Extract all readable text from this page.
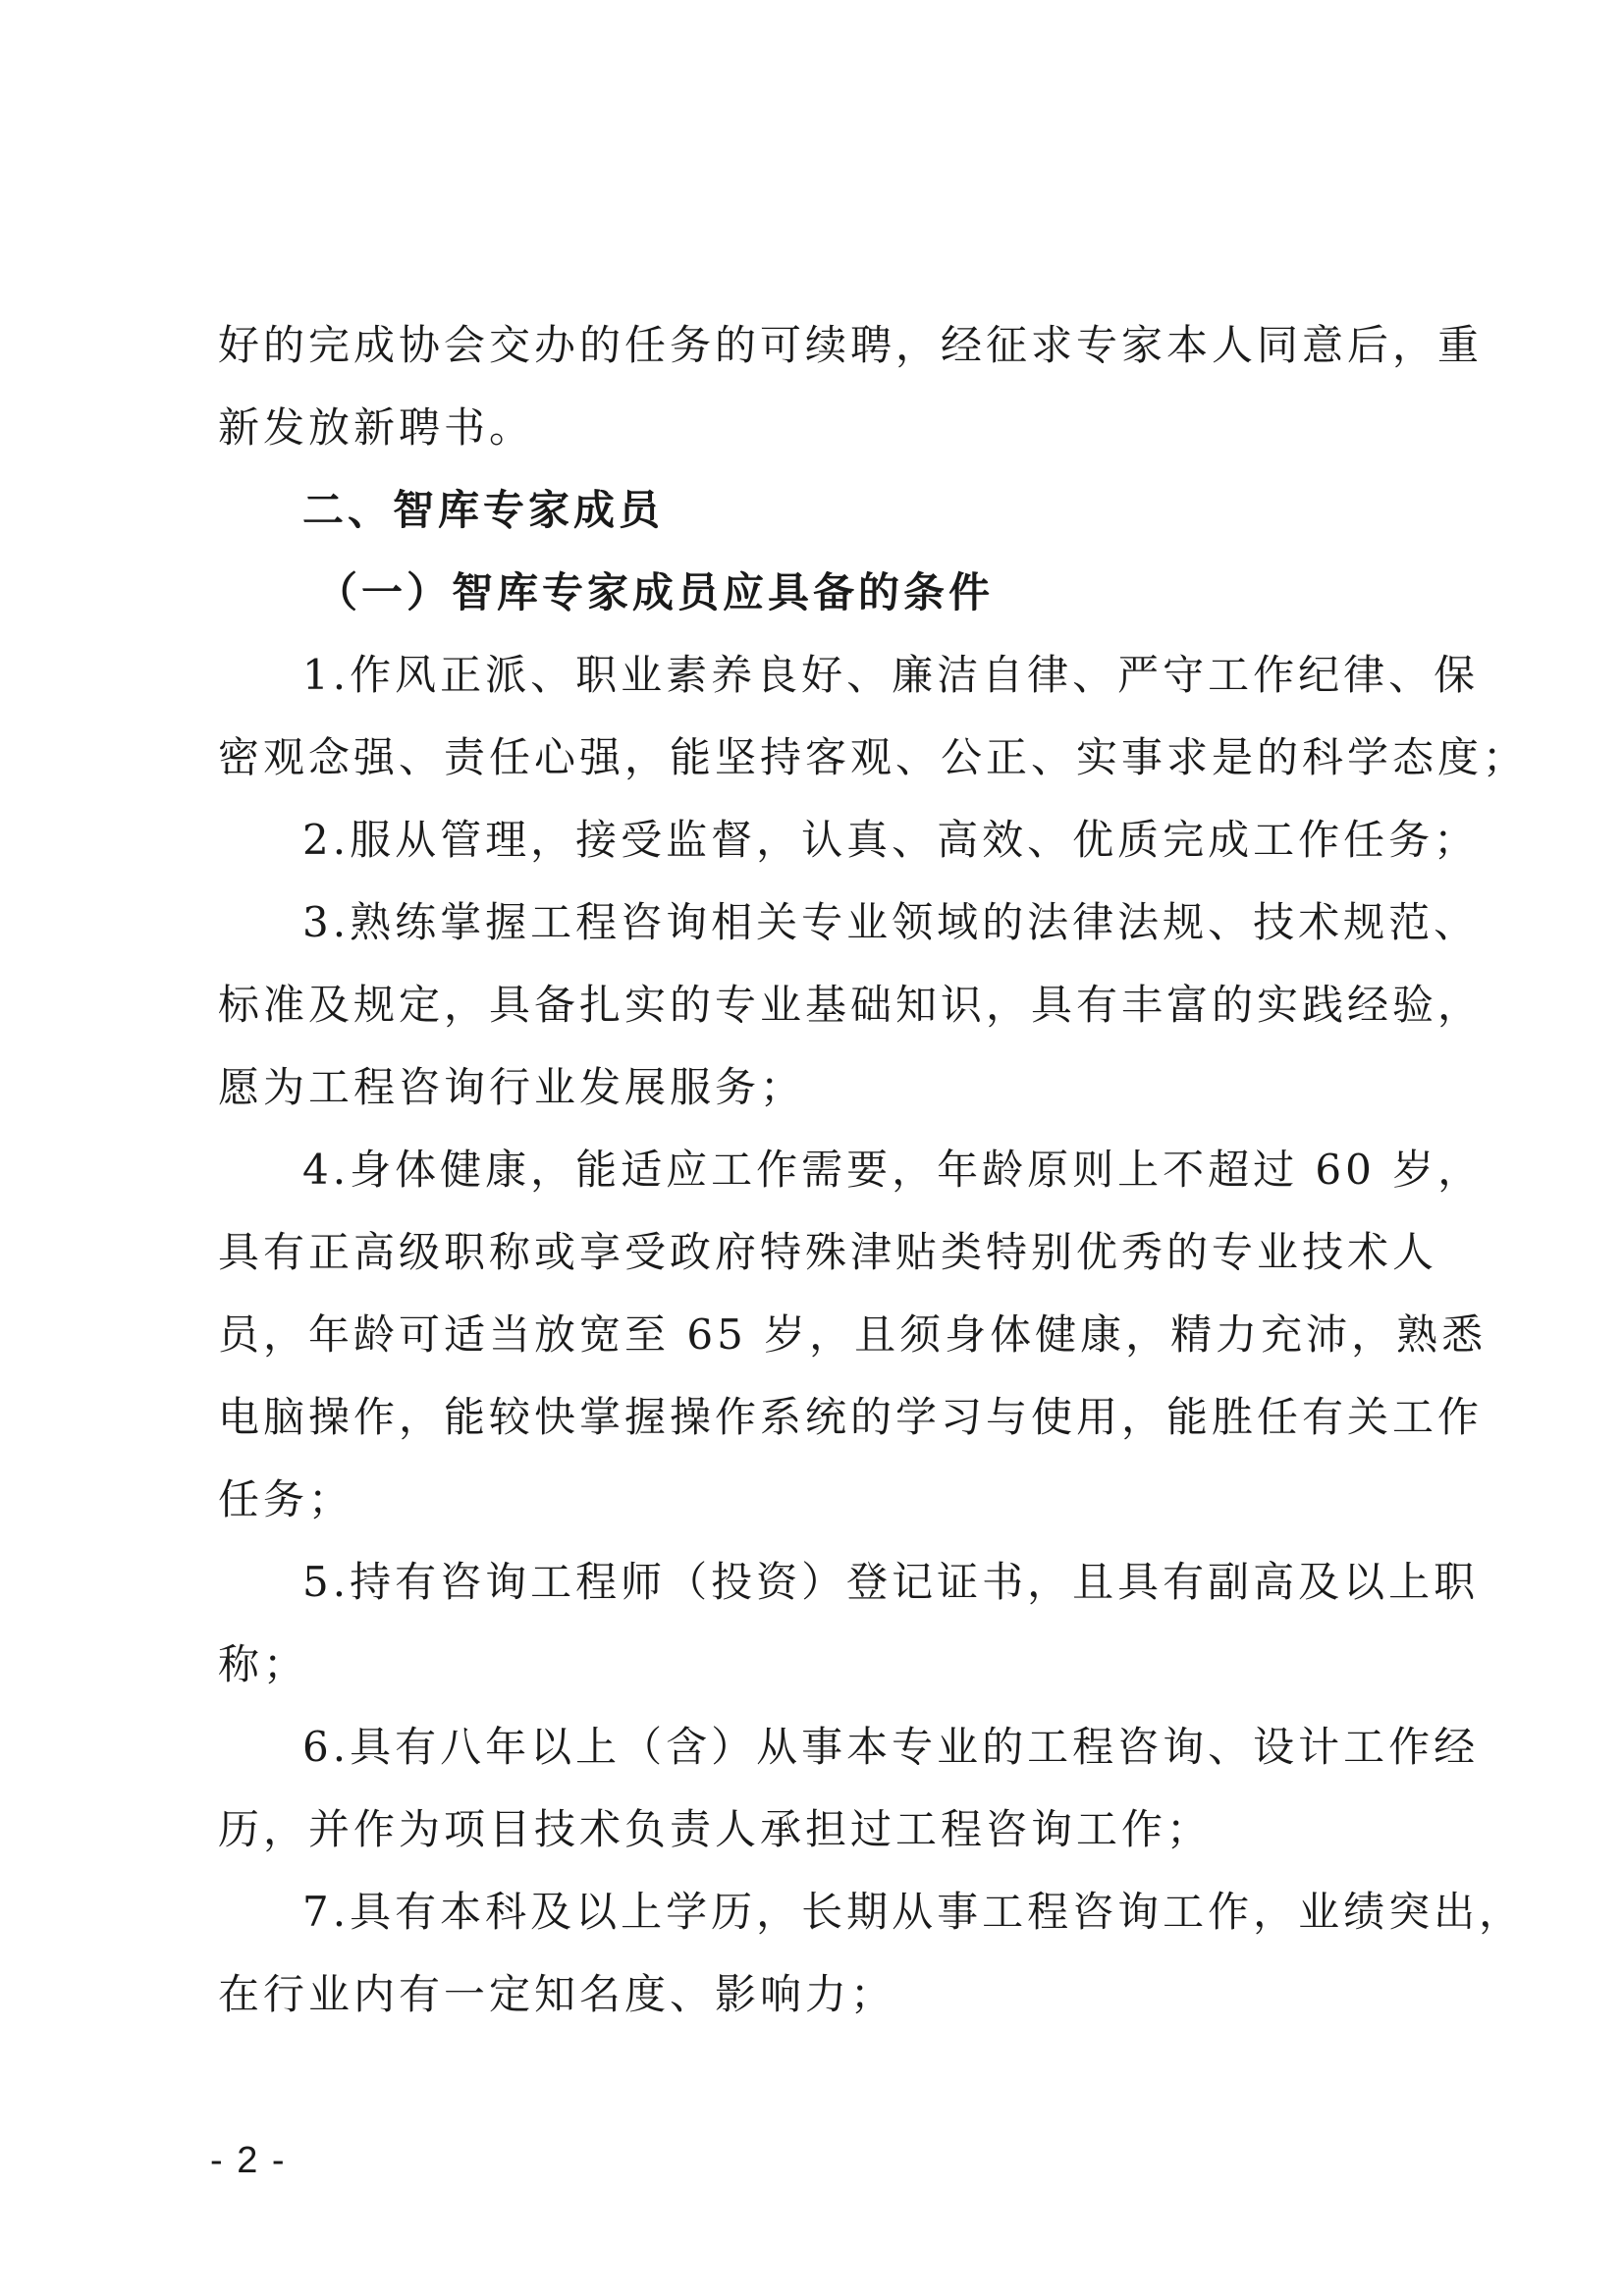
好的完成协会交办的任务的可续聘，经征求专家本人同意后，重
新发放新聘书。
二、智库专家成员
（一）智库专家成员应具备的条件
1.作风正派、职业素养良好、廉洁自律、严守工作纪律、保
密观念强、责任心强，能坚持客观、公正、实事求是的科学态度；
2.服从管理，接受监督，认真、高效、优质完成工作任务；
3.熟练掌握工程咨询相关专业领域的法律法规、技术规范、
标准及规定，具备扎实的专业基础知识，具有丰富的实践经验，
愿为工程咨询行业发展服务；
4.身体健康，能适应工作需要，年龄原则上不超过 60 岁，
具有正高级职称或享受政府特殊津贴类特别优秀的专业技术人
员，年龄可适当放宽至 65 岁，且须身体健康，精力充沛，熟悉
电脑操作，能较快掌握操作系统的学习与使用，能胜任有关工作
任务；
5.持有咨询工程师（投资）登记证书，且具有副高及以上职
称；
6.具有八年以上（含）从事本专业的工程咨询、设计工作经
历，并作为项目技术负责人承担过工程咨询工作；
7.具有本科及以上学历，长期从事工程咨询工作，业绩突出，
在行业内有一定知名度、影响力；
- 2 -
